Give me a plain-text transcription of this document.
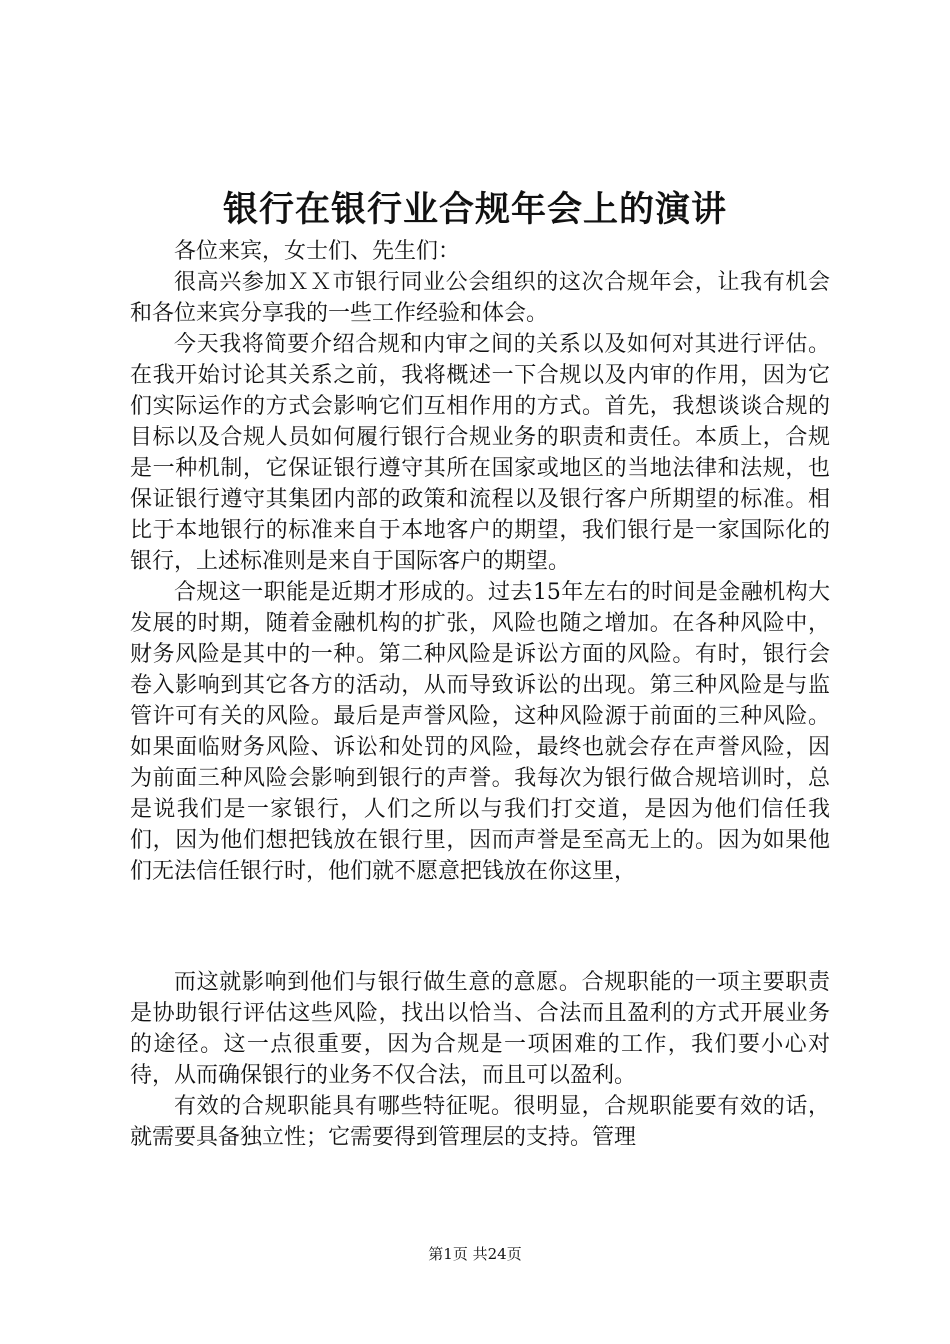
银行在银行业合规年会上的演讲

各位来宾，女士们、先生们：

很高兴参加ＸＸ市银行同业公会组织的这次合规年会，让我有机会和各位来宾分享我的一些工作经验和体会。

今天我将简要介绍合规和内审之间的关系以及如何对其进行评估。在我开始讨论其关系之前，我将概述一下合规以及内审的作用，因为它们实际运作的方式会影响它们互相作用的方式。首先，我想谈谈合规的目标以及合规人员如何履行银行合规业务的职责和责任。本质上，合规是一种机制，它保证银行遵守其所在国家或地区的当地法律和法规，也保证银行遵守其集团内部的政策和流程以及银行客户所期望的标准。相比于本地银行的标准来自于本地客户的期望，我们银行是一家国际化的银行，上述标准则是来自于国际客户的期望。

合规这一职能是近期才形成的。过去15年左右的时间是金融机构大发展的时期，随着金融机构的扩张，风险也随之增加。在各种风险中，财务风险是其中的一种。第二种风险是诉讼方面的风险。有时，银行会卷入影响到其它各方的活动，从而导致诉讼的出现。第三种风险是与监管许可有关的风险。最后是声誉风险，这种风险源于前面的三种风险。如果面临财务风险、诉讼和处罚的风险，最终也就会存在声誉风险，因为前面三种风险会影响到银行的声誉。我每次为银行做合规培训时，总是说我们是一家银行，人们之所以与我们打交道，是因为他们信任我们，因为他们想把钱放在银行里，因而声誉是至高无上的。因为如果他们无法信任银行时，他们就不愿意把钱放在你这里，

而这就影响到他们与银行做生意的意愿。合规职能的一项主要职责是协助银行评估这些风险，找出以恰当、合法而且盈利的方式开展业务的途径。这一点很重要，因为合规是一项困难的工作，我们要小心对待，从而确保银行的业务不仅合法，而且可以盈利。

有效的合规职能具有哪些特征呢。很明显，合规职能要有效的话，就需要具备独立性；它需要得到管理层的支持。管理

第1页 共24页
